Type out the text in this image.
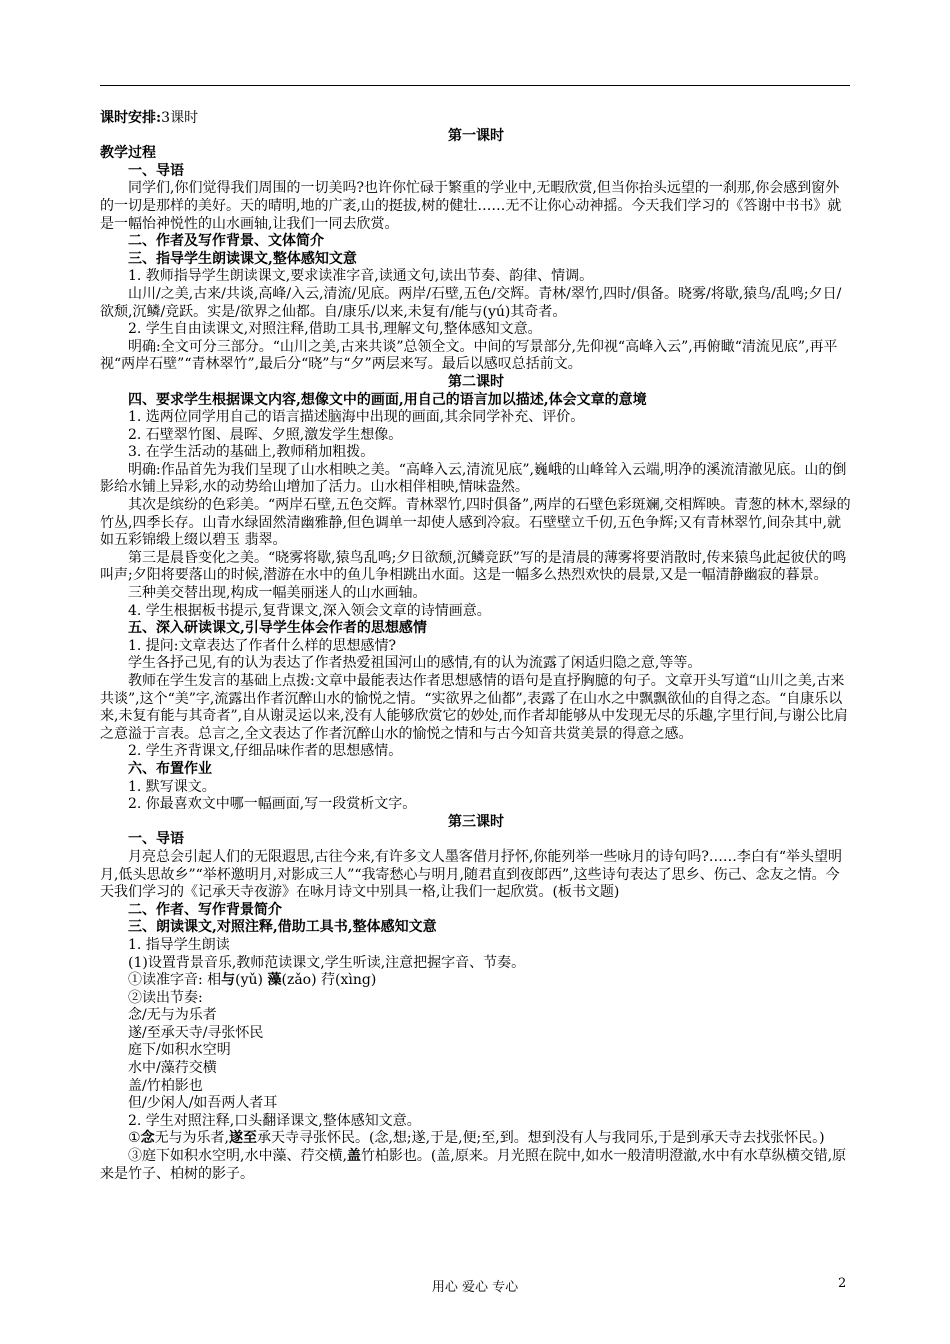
课时安排:3课时

第一课时

教学过程

一、导语

同学们,你们觉得我们周围的一切美吗?也许你忙碌于繁重的学业中,无暇欣赏,但当你抬头远望的一刹那,你会感到窗外的一切是那样的美好。天的晴明,地的广袤,山的挺拔,树的健壮……无不让你心动神摇。今天我们学习的《答谢中书书》就是一幅怡神悦性的山水画轴,让我们一同去欣赏。

二、作者及写作背景、文体简介

三、指导学生朗读课文,整体感知文意

1. 教师指导学生朗读课文,要求读准字音,读通文句,读出节奏、韵律、情调。

山川/之美,古来/共谈,高峰/入云,清流/见底。两岸/石壁,五色/交辉。青林/翠竹,四时/俱备。晓雾/将歇,猿鸟/乱鸣;夕日/欲颓,沉鳞/竞跃。实是/欲界之仙都。自/康乐/以来,未复有/能与(yú)其奇者。

2. 学生自由读课文,对照注释,借助工具书,理解文句,整体感知文意。

明确:全文可分三部分。“山川之美,古来共谈”总领全文。中间的写景部分,先仰视“高峰入云”,再俯瞰“清流见底”,再平视“两岸石壁”“青林翠竹”,最后分“晓”与“夕”两层来写。最后以感叹总括前文。

第二课时

四、要求学生根据课文内容,想像文中的画面,用自己的语言加以描述,体会文章的意境

1. 选两位同学用自己的语言描述脑海中出现的画面,其余同学补充、评价。

2. 石壁翠竹图、晨晖、夕照,激发学生想像。

3. 在学生活动的基础上,教师稍加粗拨。

明确:作品首先为我们呈现了山水相映之美。“高峰入云,清流见底”,巍峨的山峰耸入云端,明净的溪流清澈见底。山的倒影给水铺上异彩,水的动势给山增加了活力。山水相伴相映,情味盎然。

其次是缤纷的色彩美。“两岸石壁,五色交辉。青林翠竹,四时俱备”,两岸的石壁色彩斑斓,交相辉映。青葱的林木,翠绿的竹丛,四季长存。山青水绿固然清幽雅静,但色调单一却使人感到冷寂。石壁壁立千仞,五色争辉;又有青林翠竹,间杂其中,就如五彩锦缎上缀以碧玉 翡翠。

第三是晨昏变化之美。“晓雾将歇,猿鸟乱鸣;夕日欲颓,沉鳞竞跃”写的是清晨的薄雾将要消散时,传来猿鸟此起彼伏的鸣叫声;夕阳将要落山的时候,潜游在水中的鱼儿争相跳出水面。这是一幅多么热烈欢快的晨景,又是一幅清静幽寂的暮景。

三种美交替出现,构成一幅美丽迷人的山水画轴。

4. 学生根据板书提示,复背课文,深入领会文章的诗情画意。

五、深入研读课文,引导学生体会作者的思想感情

1. 提问:文章表达了作者什么样的思想感情?

学生各抒己见,有的认为表达了作者热爱祖国河山的感情,有的认为流露了闲适归隐之意,等等。

教师在学生发言的基础上点拨:文章中最能表达作者思想感情的语句是直抒胸臆的句子。文章开头写道“山川之美,古来共谈”,这个“美”字,流露出作者沉醉山水的愉悦之情。“实欲界之仙都”,表露了在山水之中飘飘欲仙的自得之态。“自康乐以来,未复有能与其奇者”,自从谢灵运以来,没有人能够欣赏它的妙处,而作者却能够从中发现无尽的乐趣,字里行间,与谢公比肩之意溢于言表。总言之,全文表达了作者沉醉山水的愉悦之情和与古今知音共赏美景的得意之感。

2. 学生齐背课文,仔细品味作者的思想感情。

六、布置作业

1. 默写课文。

2. 你最喜欢文中哪一幅画面,写一段赏析文字。

第三课时

一、导语

月亮总会引起人们的无限遐思,古往今来,有许多文人墨客借月抒怀,你能列举一些咏月的诗句吗?……李白有“举头望明月,低头思故乡”“举杯邀明月,对影成三人”“我寄愁心与明月,随君直到夜郎西”,这些诗句表达了思乡、伤己、念友之情。今天我们学习的《记承天寺夜游》在咏月诗文中别具一格,让我们一起欣赏。(板书文题)

二、作者、写作背景简介

三、朗读课文,对照注释,借助工具书,整体感知文意

1. 指导学生朗读

(1)设置背景音乐,教师范读课文,学生听读,注意把握字音、节奏。

①读准字音: 相与(yǔ) 藻(zǎo) 荇(xìng)

②读出节奏:

念/无与为乐者

遂/至承天寺/寻张怀民

庭下/如积水空明

水中/藻荇交横

盖/竹柏影也

但/少闲人/如吾两人者耳

2. 学生对照注释,口头翻译课文,整体感知文意。

①念无与为乐者,遂至承天寺寻张怀民。(念,想;遂,于是,便;至,到。想到没有人与我同乐,于是到承天寺去找张怀民。)

③庭下如积水空明,水中藻、荇交横,盖竹柏影也。(盖,原来。月光照在院中,如水一般清明澄澈,水中有水草纵横交错,原来是竹子、柏树的影子。

用心 爱心 专心	2
